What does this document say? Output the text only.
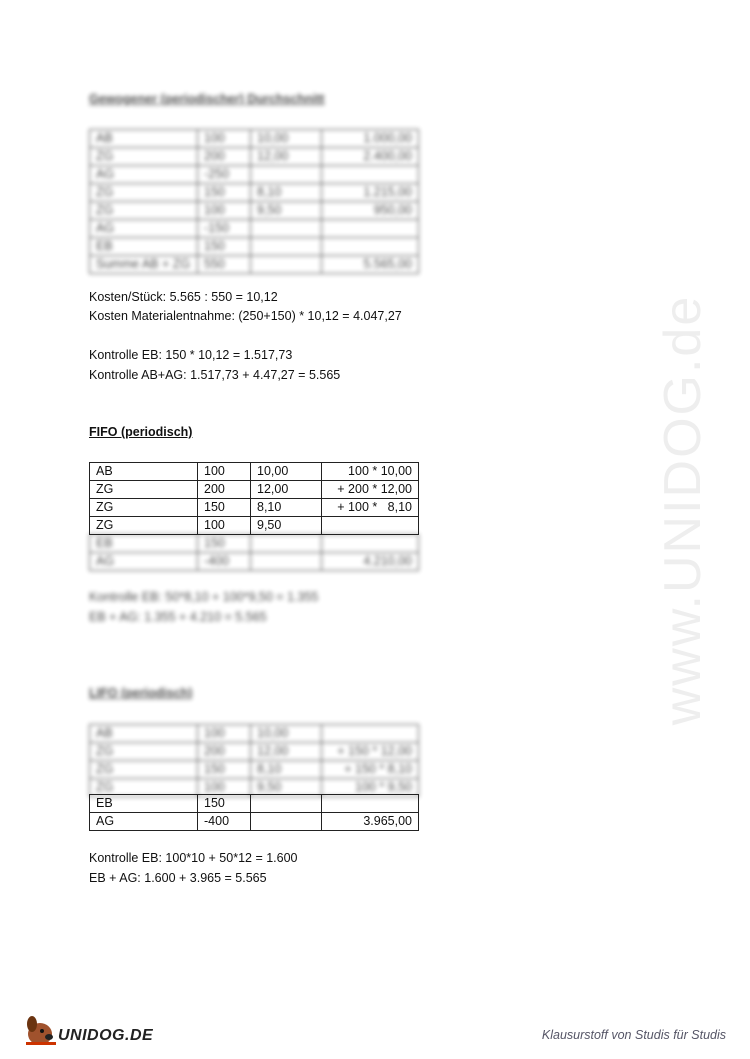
www.UNIDOG.de
Gewogener (periodischer) Durchschnitt
AB	100	10,00	1.000,00
ZG	200	12,00	2.400,00
AG	-250		
ZG	150	8,10	1.215,00
ZG	100	9,50	950,00
AG	-150		
EB	150		
Summe AB + ZG	550		5.565,00
Kosten/Stück: 5.565 : 550 = 10,12
Kosten Materialentnahme: (250+150) * 10,12 = 4.047,27
Kontrolle EB: 150 * 10,12 = 1.517,73
Kontrolle AB+AG: 1.517,73 + 4.47,27 = 5.565
FIFO (periodisch)
AB	100	10,00	100 * 10,00
ZG	200	12,00	+ 200 * 12,00
ZG	150	8,10	+ 100 *   8,10
ZG	100	9,50	
EB	150		
AG	-400		4.210,00
Kontrolle EB: 50*8,10 + 100*9,50 = 1.355
EB + AG: 1.355 + 4.210 = 5.565
LIFO (periodisch)
AB	100	10,00	
ZG	200	12,00	+ 150 * 12,00
ZG	150	8,10	+ 150 * 8,10
ZG	100	9,50	100 * 9,50
EB	150		
AG	-400		3.965,00
Kontrolle EB: 100*10 + 50*12 = 1.600
EB + AG: 1.600 + 3.965 = 5.565
UNIDOG.DE	Klausurstoff von Studis für Studis
